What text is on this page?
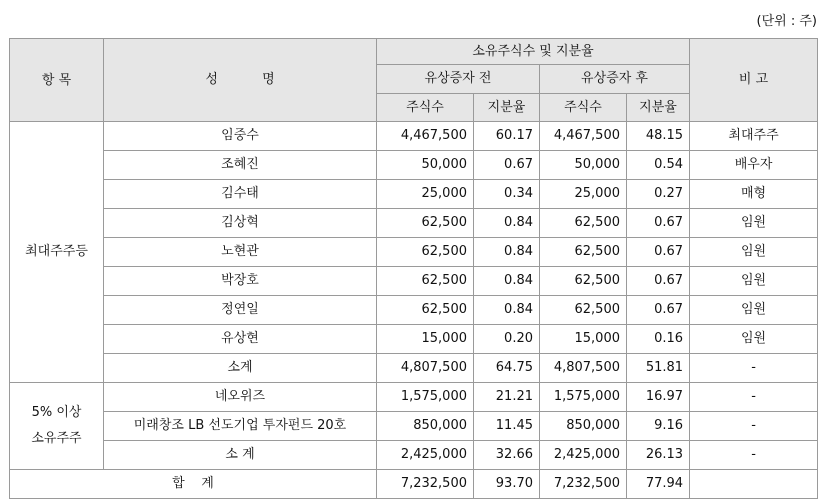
(단위 : 주)
항 목	성 명	소유주식수 및 지분율				비 고
		유상증자 전		유상증자 후		
		주식수	지분율	주식수	지분율	
최대주주등	임중수	4,467,500	60.17	4,467,500	48.15	최대주주
	조혜진	50,000	0.67	50,000	0.54	배우자
	김수태	25,000	0.34	25,000	0.27	매형
	김상혁	62,500	0.84	62,500	0.67	임원
	노현관	62,500	0.84	62,500	0.67	임원
	박장호	62,500	0.84	62,500	0.67	임원
	정연일	62,500	0.84	62,500	0.67	임원
	유상현	15,000	0.20	15,000	0.16	임원
	소계	4,807,500	64.75	4,807,500	51.81	-
5% 이상
소유주주	네오위즈	1,575,000	21.21	1,575,000	16.97	-
	미래창조 LB 선도기업 투자펀드 20호	850,000	11.45	850,000	9.16	-
	소 계	2,425,000	32.66	2,425,000	26.13	-
합    계		7,232,500	93.70	7,232,500	77.94	
